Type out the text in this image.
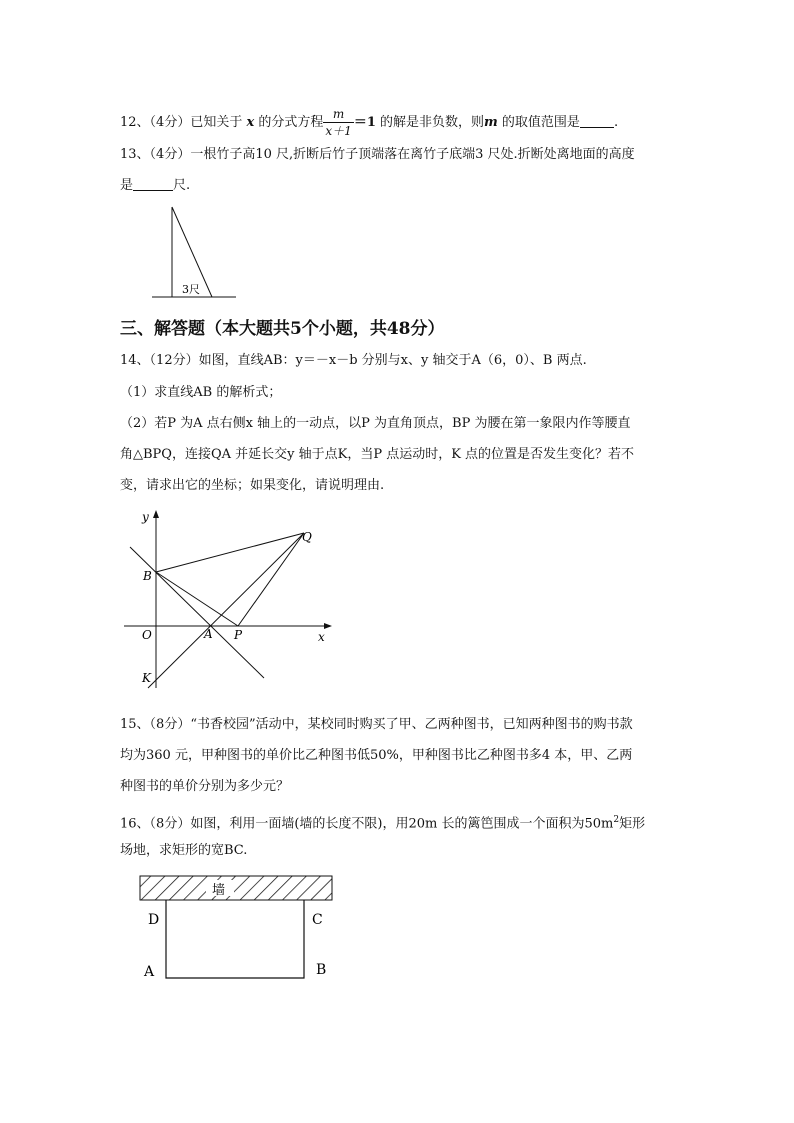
12、（4分）已知关于 x 的分式方程 $\frac{m}{x+1} =1$ 的解是非负数，则m 的取值范围是	.
13、（4分）一根竹子高10 尺,折断后竹子顶端落在离竹子底端3 尺处.折断处离地面的高度
是	尺.
3尺
三、解答题（本大题共5个小题，共48分）
14、（12分）如图，直线AB：y＝－x－b 分别与x、y 轴交于A（6，0）、B 两点.
（1）求直线AB 的解析式；
（2）若P 为A 点右侧x 轴上的一动点，以P 为直角顶点，BP 为腰在第一象限内作等腰直
角△BPQ，连接QA 并延长交y 轴于点K，当P 点运动时，K 点的位置是否发生变化？若不
变，请求出它的坐标；如果变化，请说明理由.
y
x
O	A
B
P
Q
K
15、（8分）“书香校园”活动中，某校同时购买了甲、乙两种图书，已知两种图书的购书款
均为360 元，甲种图书的单价比乙种图书低50%，甲种图书比乙种图书多4 本，甲、乙两
种图书的单价分别为多少元？
16、（8分）如图，利用一面墙(墙的长度不限)，用20m 长的篱笆围成一个面积为$50m^2$矩形
场地，求矩形的宽BC.
墙
D	C
A	B
